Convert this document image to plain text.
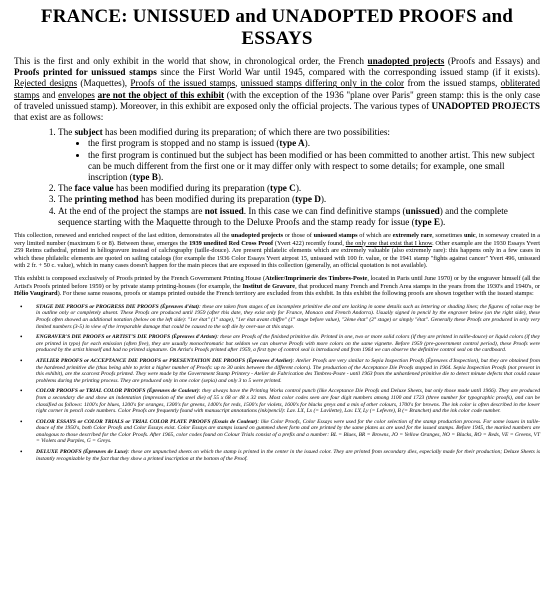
FRANCE: UNISSUED and UNADOPTED PROOFS and ESSAYS

This is the first and only exhibit in the world that show, in chronological order, the French unadopted projects (Proofs and Essays) and Proofs printed for unissued stamps since the First World War until 1945, compared with the corresponding issued stamp (if it exists). Rejected designs (Maquettes), Proofs of the issued stamps, unissued stamps differing only in the color from the issued stamps, obliterated stamps and envelopes are not the object of this exhibit (with the exception of the 1936 "plane over Paris" green stamp: this is the only case of traveled unissued stamp). Moreover, in this exhibit are exposed only the official projects. The various types of UNADOPTED PROJECTS that exist are as follows:

1. The subject has been modified during its preparation; of which there are two possibilities:
• the first program is stopped and no stamp is issued (type A).
• the first program is continued but the subject has been modified or has been committed to another artist. This new subject can be much different from the first one or it may differ only with respect to some details; for example, one small inscription (type B).
2. The face value has been modified during its preparation (type C).
3. The printing method has been modified during its preparation (type D).
4. At the end of the project the stamps are not issued. In this case we can find definitive stamps (unissued) and the complete sequence starting with the Maquette through to the Deluxe Proofs and the stamp ready for issue (type E).

This collection, renewed and enriched respect of the last edition, demonstrates all the unadopted projects or those of unissued stamps of which are extremely rare, sometimes unic, in someway created in a very limited number (maximum 6 or 8). Between these, emerges the 1939 unedited Red Cross Proof (Yvert 422) recently found, the only one that exist that I know. Other example are the 1930 Essays Yvert 259 Reims cathedral, printed in héliogravure instead of calchography (taille-douce). Are present philatelic elements which are extremely valuable (also extremely rare): this happens only in a few cases in which these philatelic elements are quoted on sailing catalogs (for example the 1936 Color Essays Yvert airpost 15, unissued with 100 fr. value, or the 1941 stamp "fights against cancer" Yvert 496, unissued with 2 fr. + 50 c. value), which in many cases doesn't happen for the main pieces that are exposed in this collection (generally, an official quotation is not available).

This exhibit is composed exclusively of Proofs printed by the French Government Printing House (Atelier/Imprimerie des Timbres-Poste, located in Paris until June 1970) or by the engraver himself (all the Artist's Proofs printed before 1959) or by private stamp printing-houses (for example, the Institut de Gravure, that produced many French and French Area stamps in the years from the 1930's and 1940's, or Hélio Vaugirard). For these same reasons, proofs or stamps printed outside the French territory are excluded from this exhibit. In this exhibit the following proofs are shown together with the issued stamps:

• STAGE DIE PROOFS or PROGRESS DIE PROOFS (Épreuves d'état): these are taken from stages of an incomplete primitive die and are lacking in some details such as lettering or shading lines; the figures of value may be in outline only or completely absent. These Proofs are produced until 1959 (after this date, they exist only for France, Monaco and French Andorra). Usually signed in pencil by the engraver below (on the right side), these Proofs often showed an additional notation (below on the left side): "1er état" (1° stage), "1er état avant chiffre" (1° stage before value), "2ème état" (2° stage) or simply "état". Generally these Proofs are produced in only very limited numbers (3-5) in view of the irreparable damage that could be caused to the soft die by over-use at this stage.
• ENGRAVER'S DIE PROOFS or ARTIST'S DIE PROOFS (Épreuves d'Artiste): these are Proofs of the finished primitive die. Printed in one, two or more solid colors (if they are printed in taille-douce) or liquid colors (if they are printed in typo) for each emission (often five), they are usually monochromatic but seldom we can observe Proofs with more colors on the same vignette. Before 1959 (pre-government control period), these Proofs were produced by the artist himself and had no printed signature. On Artist's Proofs printed after 1959, a first type of control seal is introduced and from 1964 we can observe the definitive control seal on the cardboard.
• ATELIER PROOFS or ACCEPTANCE DIE PROOFS or PRESENTATION DIE PROOFS (Épreuves d'Atelier): Atelier Proofs are very similar to Sepia Inspection Proofs (Épreuves d'Inspection), but they are obtained from the hardened primitive die (thus being able to print a higher number of Proofs: up to 30 units between the different colors). The production of the Acceptance Die Proofs stopped in 1964. Sepia Inspection Proofs (not present in this exhibit), are the scarcest Proofs printed. They were made by the Government Stamp Printery - Atelier de Fabrication des Timbres-Poste - until 1963 from the unhardened primitive die to detect minute defects that could cause problems during the printing process. They are produced only in one color (sepia) and only 3 to 5 were printed.
• COLOR PROOFS or TRIAL COLOR PROOFS (Épreuves de Couleur): they always have the Printing Works control punch (like Acceptance Die Proofs and Deluxe Sheets, but only those made until 1966). They are produced from a secondary die and show an indentation (impression of the steel die) of 55 x 68 or 48 x 32 mm. Most color codes seen are four digit numbers among 1100 and 1723 (three number for typographic proofs), and can be classified as follows: 1100's for blues, 1200's for oranges, 1300's for greens, 1400's for reds, 1500's for violets, 1600's for blacks greys and a mix of other colours, 1700's for browns. The ink color is often described in the lower right corner in pencil code numbers. Color Proofs are frequently found with manuscript annotations (ink/pencil): Lav. LX, Lx (= Lavilette), Lav. LY, Ly (= Lefevre), B (= Branchet) and the ink color code number.
• COLOR ESSAYS or COLOR TRIALS or TRIAL COLOR PLATE PROOFS (Essais de Couleur): like Color Proofs, Color Essays were used for the color selection of the stamp production process. For some issues in taille-douce of the 1950's, both Color Proofs and Color Essays exist. Color Essays are stamps issued on gummed sheet form and are printed by the same plates as are used for the issued stamps. Before 1945, the marked numbers are analogous to those described for the Color Proofs. After 1965, color codes found on Colour Trials consist of a prefix and a number: BL = Blues, BR = Browns, JO = Yellow Oranges, NO = Blacks, RO = Reds, VE = Greens, VT = Violets and Purples, G = Greys.
• DELUXE PROOFS (Épreuves de Luxe): these are unpunched sheets on which the stamp is printed in the center in the issued color. They are printed from secondary dies, especially made for their production; Deluxe Sheets is instantly recognizable by the fact that they show a printed inscription at the bottom of the Proof.
